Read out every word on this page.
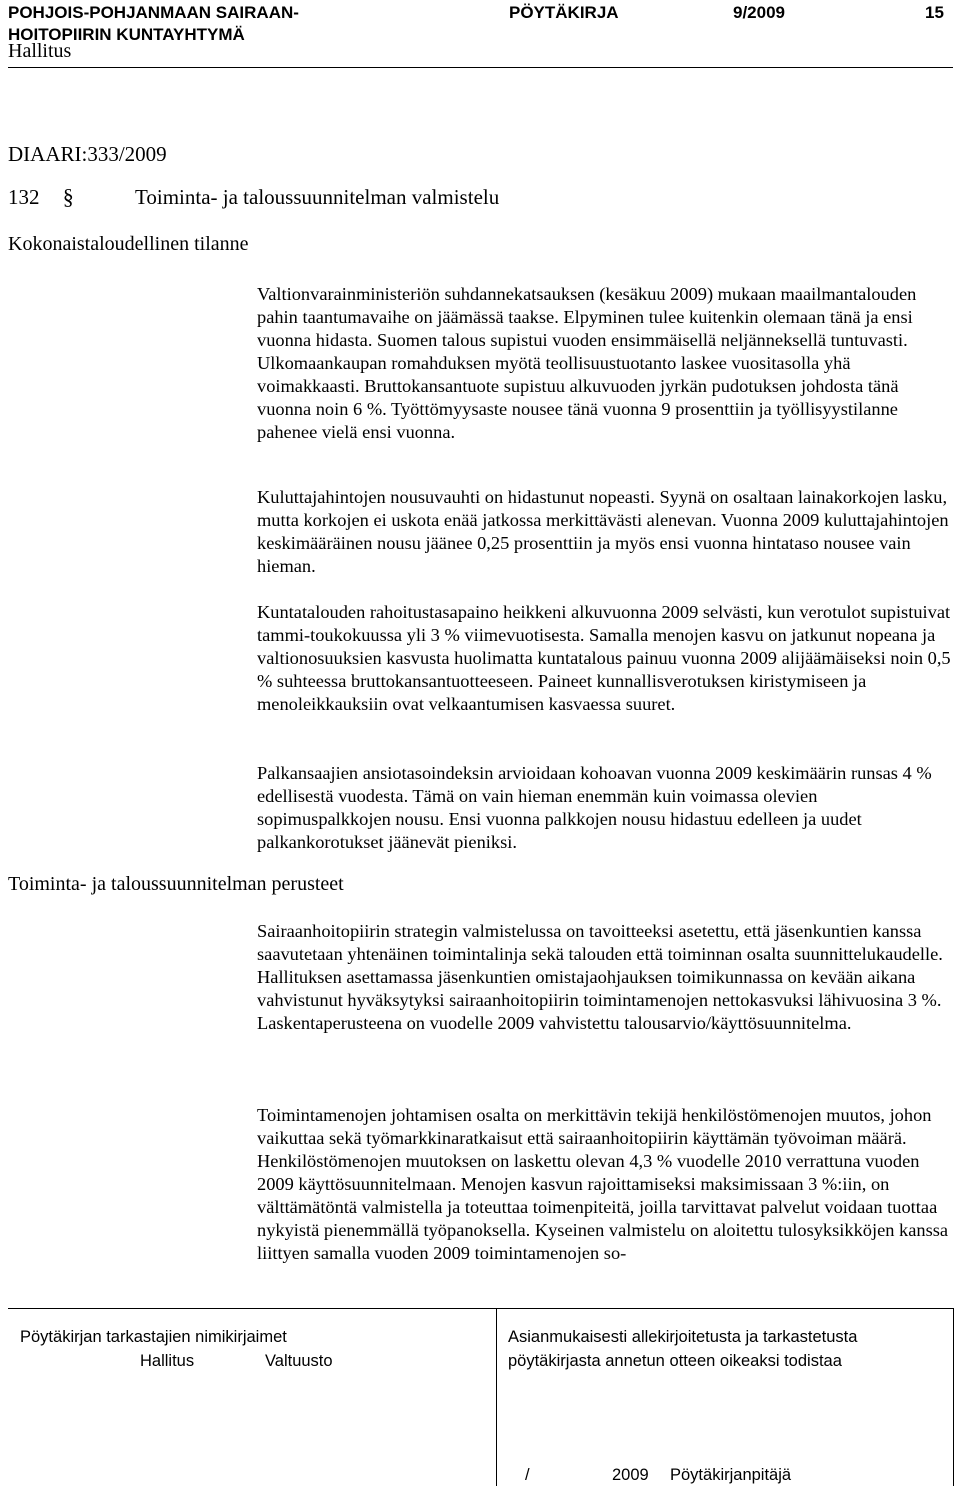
POHJOIS-POHJANMAAN SAIRAAN-
HOITOPIIRIN KUNTAYHTYMÄ
PÖYTÄKIRJA	9/2009	15
Hallitus
DIAARI:333/2009
132 §	Toiminta- ja taloussuunnitelman valmistelu
Kokonaistaloudellinen tilanne
Toiminta- ja taloussuunnitelman perusteet
Valtionvarainministeriön suhdannekatsauksen (kesäkuu 2009) mukaan maailmantalouden pahin taantumavaihe on jäämässä taakse. Elpyminen tulee kuitenkin olemaan tänä ja ensi vuonna hidasta. Suomen talous supistui vuoden ensimmäisellä neljänneksellä tuntuvasti. Ulkomaankaupan romahduksen myötä teollisuustuotanto laskee vuositasolla yhä voimakkaasti. Bruttokansantuote supistuu alkuvuoden jyrkän pudotuksen johdosta tänä vuonna noin 6 %. Työttömyysaste nousee tänä vuonna 9 prosenttiin ja työllisyystilanne pahenee vielä ensi vuonna.
Kuluttajahintojen nousuvauhti on hidastunut nopeasti. Syynä on osaltaan lainakorkojen lasku, mutta korkojen ei uskota enää jatkossa merkittävästi alenevan. Vuonna 2009 kuluttajahintojen keskimääräinen nousu jäänee 0,25 prosenttiin ja myös ensi vuonna hintataso nousee vain hieman.
Kuntatalouden rahoitustasapaino heikkeni alkuvuonna 2009 selvästi, kun verotulot supistuivat tammi-toukokuussa yli 3 % viimevuotisesta. Samalla menojen kasvu on jatkunut nopeana ja valtionosuuksien kasvusta huolimatta kuntatalous painuu vuonna 2009 alijäämäiseksi noin 0,5 % suhteessa bruttokansantuotteeseen. Paineet kunnallisverotuksen kiristymiseen ja menoleikkauksiin ovat velkaantumisen kasvaessa suuret.
Palkansaajien ansiotasoindeksin arvioidaan kohoavan vuonna 2009 keskimäärin runsas 4 % edellisestä vuodesta. Tämä on vain hieman enemmän kuin voimassa olevien sopimuspalkkojen nousu. Ensi vuonna palkkojen nousu hidastuu edelleen ja uudet palkankorotukset jäänevät pieniksi.
Sairaanhoitopiirin strategin valmistelussa on tavoitteeksi asetettu, että jäsenkuntien kanssa saavutetaan yhtenäinen toimintalinja sekä talouden että toiminnan osalta suunnittelukaudelle. Hallituksen asettamassa jäsenkuntien omistajaohjauksen toimikunnassa on kevään aikana vahvistunut hyväksytyksi sairaanhoitopiirin toimintamenojen nettokasvuksi lähivuosina 3 %. Laskentaperusteena on vuodelle 2009 vahvistettu talousarvio/käyttösuunnitelma.
Toimintamenojen johtamisen osalta on merkittävin tekijä henkilöstömenojen muutos, johon vaikuttaa sekä työmarkkinaratkaisut että sairaanhoitopiirin käyttämän työvoiman määrä. Henkilöstömenojen muutoksen on laskettu olevan 4,3 % vuodelle 2010 verrattuna vuoden 2009 käyttösuunnitelmaan. Menojen kasvun rajoittamiseksi maksimissaan 3 %:iin, on välttämätöntä valmistella ja toteuttaa toimenpiteitä, joilla tarvittavat palvelut voidaan tuottaa nykyistä pienemmällä työpanoksella. Kyseinen valmistelu on aloitettu tulosyksikköjen kanssa liittyen samalla vuoden 2009 toimintamenojen so-
Pöytäkirjan tarkastajien nimikirjaimet
Hallitus	Valtuusto
Asianmukaisesti allekirjoitetusta ja tarkastetusta
pöytäkirjasta annetun otteen oikeaksi todistaa
/	2009 Pöytäkirjanpitäjä
